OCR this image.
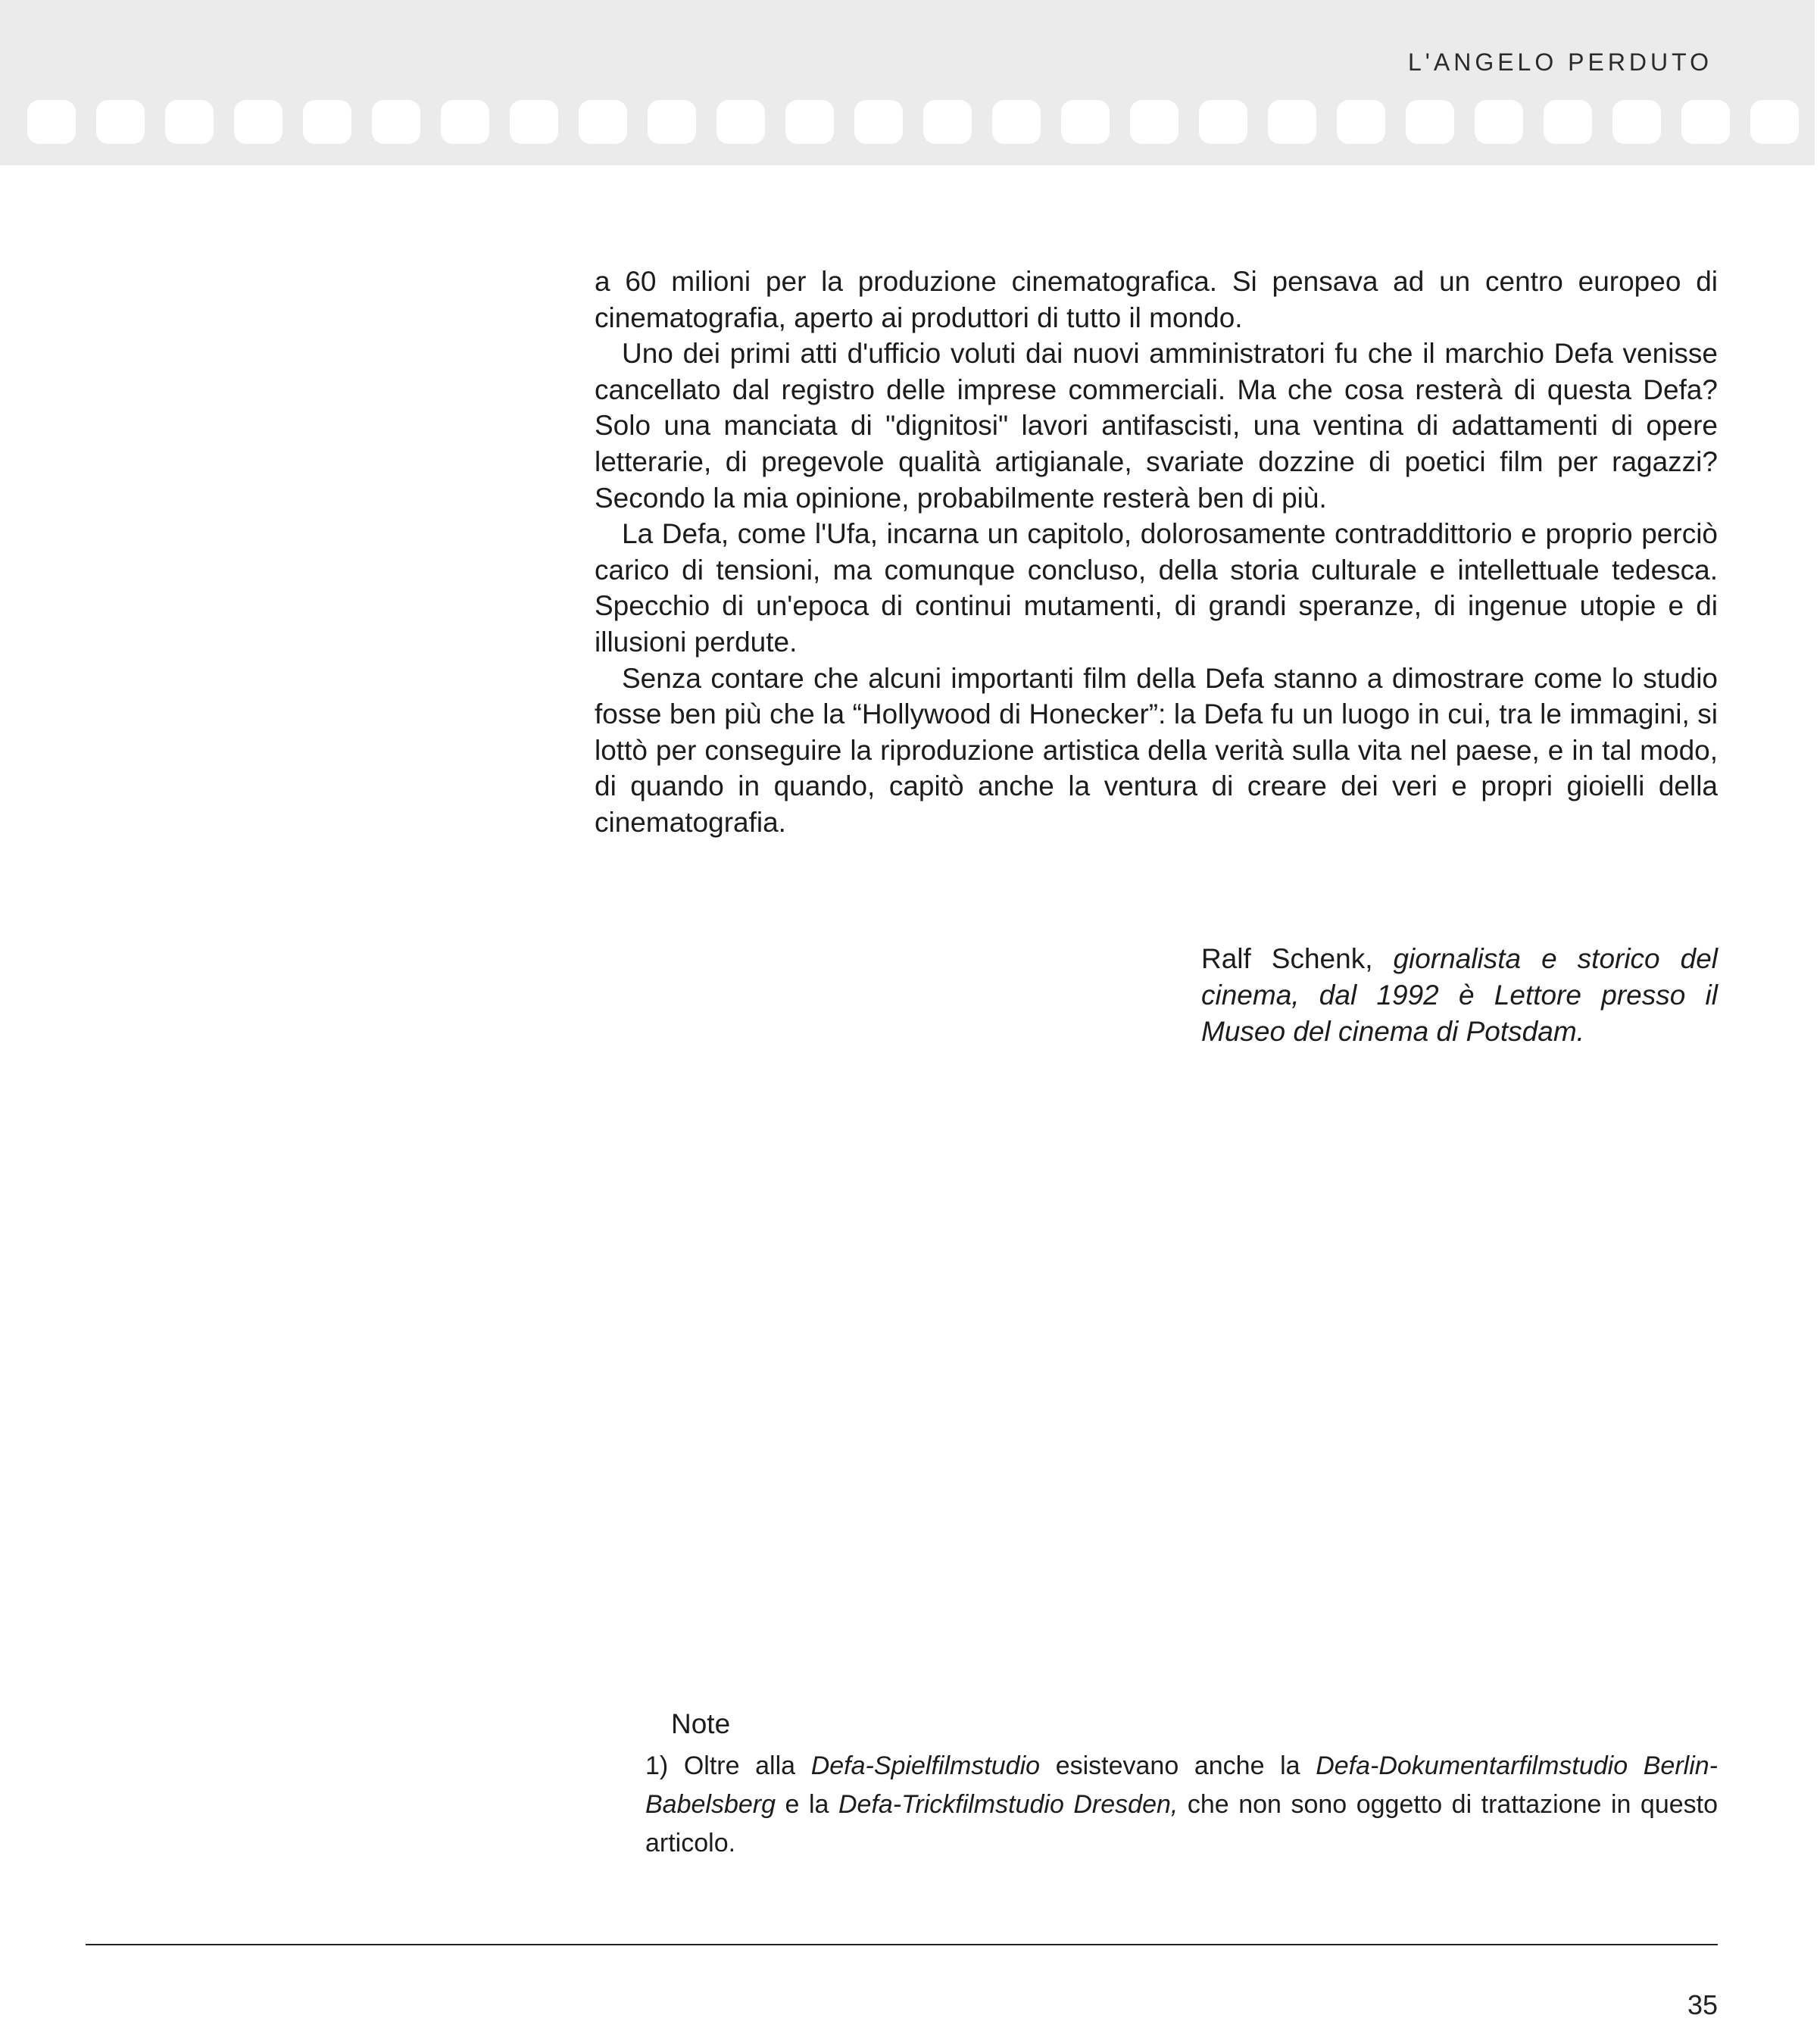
L'ANGELO PERDUTO

a 60 milioni per la produzione cinematografica. Si pensava ad un centro europeo di cinematografia, aperto ai produttori di tutto il mondo.

Uno dei primi atti d'ufficio voluti dai nuovi amministratori fu che il marchio Defa venisse cancellato dal registro delle imprese commerciali. Ma che cosa resterà di questa Defa? Solo una manciata di "dignitosi" lavori antifascisti, una ventina di adattamenti di opere letterarie, di pregevole qualità artigianale, svariate dozzine di poetici film per ragazzi? Secondo la mia opinione, probabilmente resterà ben di più.

La Defa, come l'Ufa, incarna un capitolo, dolorosamente contraddittorio e proprio perciò carico di tensioni, ma comunque concluso, della storia culturale e intellettuale tedesca. Specchio di un'epoca di continui mutamenti, di grandi speranze, di ingenue utopie e di illusioni perdute.

Senza contare che alcuni importanti film della Defa stanno a dimostrare come lo studio fosse ben più che la “Hollywood di Honecker”: la Defa fu un luogo in cui, tra le immagini, si lottò per conseguire la riproduzione artistica della verità sulla vita nel paese, e in tal modo, di quando in quando, capitò anche la ventura di creare dei veri e propri gioielli della cinematografia.

Ralf Schenk, giornalista e storico del cinema, dal 1992 è Lettore presso il Museo del cinema di Potsdam.
Note

1) Oltre alla Defa-Spielfilmstudio esistevano anche la Defa-Dokumentarfilmstudio Berlin-Babelsberg e la Defa-Trickfilmstudio Dresden, che non sono oggetto di trattazione in questo articolo.

35
